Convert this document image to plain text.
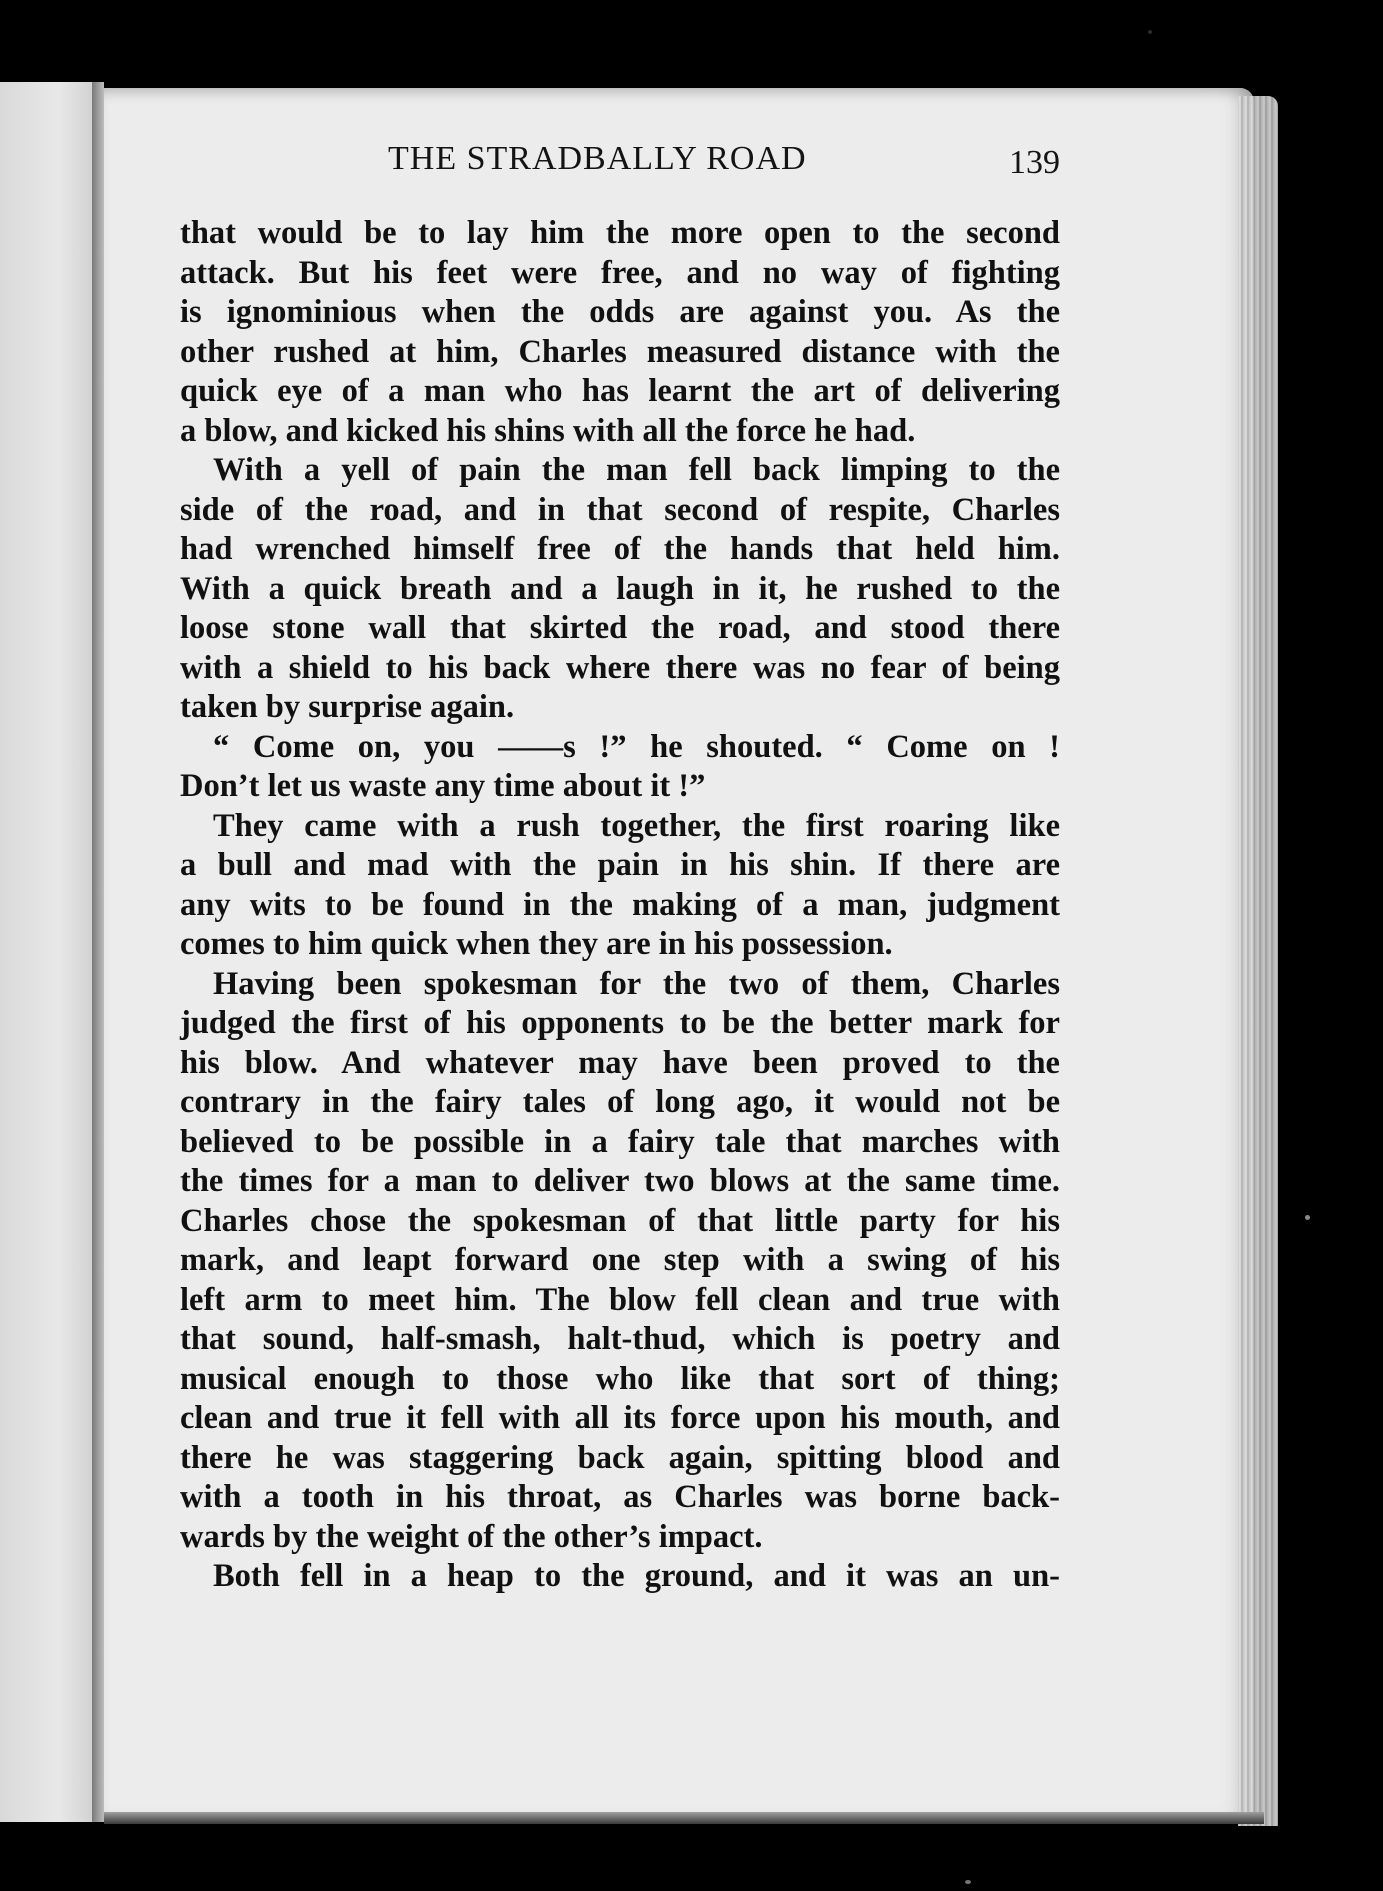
THE STRADBALLY ROAD	139
that would be to lay him the more open to the second
attack. But his feet were free, and no way of fighting
is ignominious when the odds are against you. As the
other rushed at him, Charles measured distance with the
quick eye of a man who has learnt the art of delivering
a blow, and kicked his shins with all the force he had.
With a yell of pain the man fell back limping to the
side of the road, and in that second of respite, Charles
had wrenched himself free of the hands that held him.
With a quick breath and a laugh in it, he rushed to the
loose stone wall that skirted the road, and stood there
with a shield to his back where there was no fear of being
taken by surprise again.
“ Come on, you ——s !” he shouted. “ Come on !
Don’t let us waste any time about it !”
They came with a rush together, the first roaring like
a bull and mad with the pain in his shin. If there are
any wits to be found in the making of a man, judgment
comes to him quick when they are in his possession.
Having been spokesman for the two of them, Charles
judged the first of his opponents to be the better mark for
his blow. And whatever may have been proved to the
contrary in the fairy tales of long ago, it would not be
believed to be possible in a fairy tale that marches with
the times for a man to deliver two blows at the same time.
Charles chose the spokesman of that little party for his
mark, and leapt forward one step with a swing of his
left arm to meet him. The blow fell clean and true with
that sound, half-smash, halt-thud, which is poetry and
musical enough to those who like that sort of thing;
clean and true it fell with all its force upon his mouth, and
there he was staggering back again, spitting blood and
with a tooth in his throat, as Charles was borne back-
wards by the weight of the other’s impact.
Both fell in a heap to the ground, and it was an un-
